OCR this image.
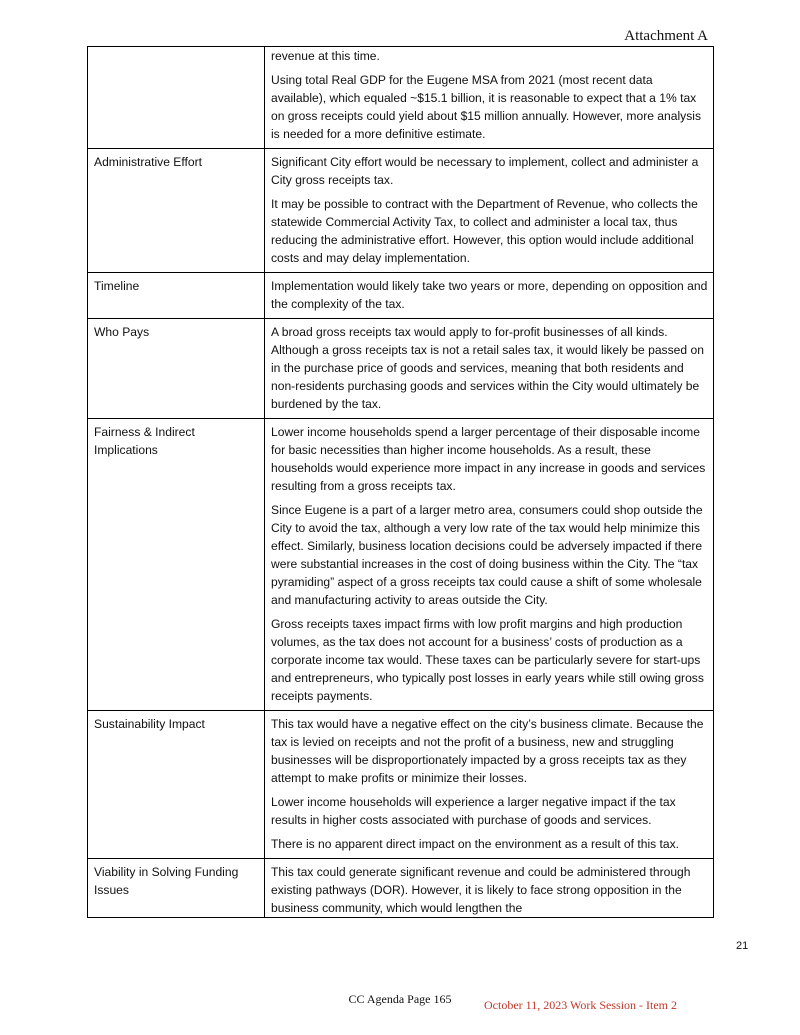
Attachment A

	revenue at this time.

Using total Real GDP for the Eugene MSA from 2021 (most recent data available), which equaled ~$15.1 billion, it is reasonable to expect that a 1% tax on gross receipts could yield about $15 million annually. However, more analysis is needed for a more definitive estimate.

Administrative Effort	Significant City effort would be necessary to implement, collect and administer a City gross receipts tax.

It may be possible to contract with the Department of Revenue, who collects the statewide Commercial Activity Tax, to collect and administer a local tax, thus reducing the administrative effort. However, this option would include additional costs and may delay implementation.

Timeline	Implementation would likely take two years or more, depending on opposition and the complexity of the tax.

Who Pays	A broad gross receipts tax would apply to for-profit businesses of all kinds. Although a gross receipts tax is not a retail sales tax, it would likely be passed on in the purchase price of goods and services, meaning that both residents and non-residents purchasing goods and services within the City would ultimately be burdened by the tax.

Fairness & Indirect Implications	Lower income households spend a larger percentage of their disposable income for basic necessities than higher income households. As a result, these households would experience more impact in any increase in goods and services resulting from a gross receipts tax.

Since Eugene is a part of a larger metro area, consumers could shop outside the City to avoid the tax, although a very low rate of the tax would help minimize this effect. Similarly, business location decisions could be adversely impacted if there were substantial increases in the cost of doing business within the City. The “tax pyramiding” aspect of a gross receipts tax could cause a shift of some wholesale and manufacturing activity to areas outside the City.

Gross receipts taxes impact firms with low profit margins and high production volumes, as the tax does not account for a business’ costs of production as a corporate income tax would. These taxes can be particularly severe for start-ups and entrepreneurs, who typically post losses in early years while still owing gross receipts payments.

Sustainability Impact	This tax would have a negative effect on the city’s business climate. Because the tax is levied on receipts and not the profit of a business, new and struggling businesses will be disproportionately impacted by a gross receipts tax as they attempt to make profits or minimize their losses.

Lower income households will experience a larger negative impact if the tax results in higher costs associated with purchase of goods and services.

There is no apparent direct impact on the environment as a result of this tax.

Viability in Solving Funding Issues	This tax could generate significant revenue and could be administered through existing pathways (DOR). However, it is likely to face strong opposition in the business community, which would lengthen the

21
CC Agenda Page 165	October 11, 2023 Work Session - Item 2
